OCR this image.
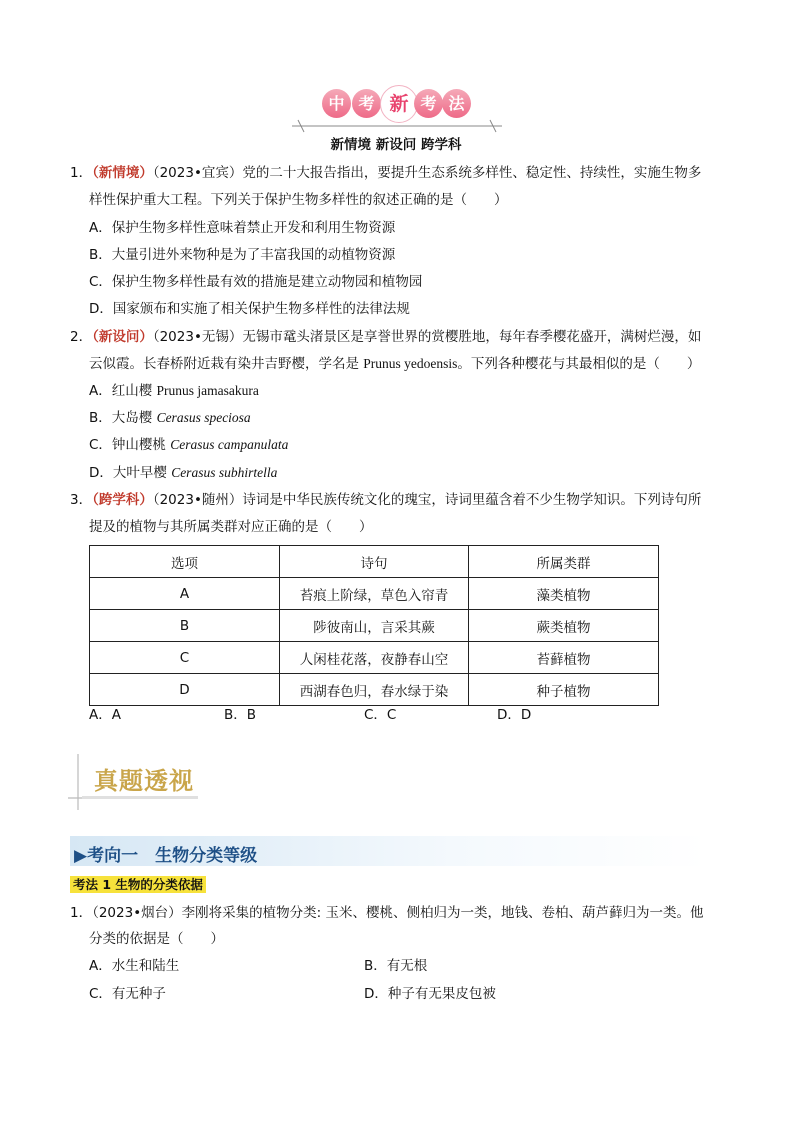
中 考 新 考 法
新情境 新设问 跨学科
1．（新情境）（2023•宜宾）党的二十大报告指出，要提升生态系统多样性、稳定性、持续性，实施生物多
样性保护重大工程。下列关于保护生物多样性的叙述正确的是（　　）
A．保护生物多样性意味着禁止开发和利用生物资源
B．大量引进外来物种是为了丰富我国的动植物资源
C．保护生物多样性最有效的措施是建立动物园和植物园
D．国家颁布和实施了相关保护生物多样性的法律法规
2．（新设问）（2023•无锡）无锡市鼋头渚景区是享誉世界的赏樱胜地，每年春季樱花盛开，满树烂漫，如
云似霞。长春桥附近栽有染井吉野樱，学名是 Prunus yedoensis。下列各种樱花与其最相似的是（　　）
A．红山樱 Prunus jamasakura
B．大岛樱 Cerasus speciosa
C．钟山樱桃 Cerasus campanulata
D．大叶早樱 Cerasus subhirtella
3．（跨学科）（2023•随州）诗词是中华民族传统文化的瑰宝，诗词里蕴含着不少生物学知识。下列诗句所
提及的植物与其所属类群对应正确的是（　　）
选项	诗句	所属类群
A	苔痕上阶绿，草色入帘青	藻类植物
B	陟彼南山，言采其蕨	蕨类植物
C	人闲桂花落，夜静春山空	苔藓植物
D	西湖春色归，春水绿于染	种子植物
A．A	B．B	C．C	D．D
真题透视
▶考向一　生物分类等级
考法 1 生物的分类依据
1．（2023•烟台）李刚将采集的植物分类: 玉米、樱桃、侧柏归为一类，地钱、卷柏、葫芦藓归为一类。他
分类的依据是（　　）
A．水生和陆生	B．有无根
C．有无种子	D．种子有无果皮包被
